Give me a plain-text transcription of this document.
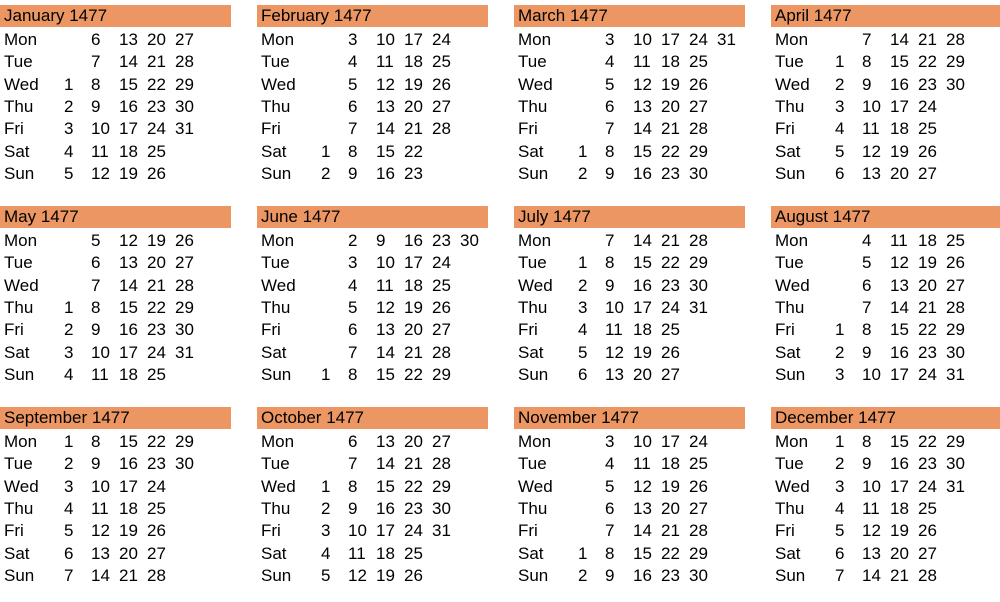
January 1477
Mon	6 13 20 27
Tue	7 14 21 28
Wed 1 8 15 22 29
Thu 2 9 16 23 30
Fri 3 10 17 24 31
Sat 4 11 18 25
Sun 5 12 19 26
February 1477
Mon	3 10 17 24
Tue	4 11 18 25
Wed	5 12 19 26
Thu	6 13 20 27
Fri	7 14 21 28
Sat 1 8 15 22
Sun 2 9 16 23
March 1477
Mon	3 10 17 24 31
Tue	4 11 18 25
Wed	5 12 19 26
Thu	6 13 20 27
Fri	7 14 21 28
Sat 1 8 15 22 29
Sun 2 9 16 23 30
April 1477
Mon	7 14 21 28
Tue 1 8 15 22 29
Wed 2 9 16 23 30
Thu 3 10 17 24
Fri 4 11 18 25
Sat 5 12 19 26
Sun 6 13 20 27
May 1477
Mon	5 12 19 26
Tue	6 13 20 27
Wed	7 14 21 28
Thu 1 8 15 22 29
Fri 2 9 16 23 30
Sat 3 10 17 24 31
Sun 4 11 18 25
June 1477
Mon	2 9 16 23 30
Tue	3 10 17 24
Wed	4 11 18 25
Thu	5 12 19 26
Fri	6 13 20 27
Sat	7 14 21 28
Sun 1 8 15 22 29
July 1477
Mon	7 14 21 28
Tue 1 8 15 22 29
Wed 2 9 16 23 30
Thu 3 10 17 24 31
Fri 4 11 18 25
Sat 5 12 19 26
Sun 6 13 20 27
August 1477
Mon	4 11 18 25
Tue	5 12 19 26
Wed	6 13 20 27
Thu	7 14 21 28
Fri 1 8 15 22 29
Sat 2 9 16 23 30
Sun 3 10 17 24 31
September 1477
Mon 1 8 15 22 29
Tue 2 9 16 23 30
Wed 3 10 17 24
Thu 4 11 18 25
Fri 5 12 19 26
Sat 6 13 20 27
Sun 7 14 21 28
October 1477
Mon	6 13 20 27
Tue	7 14 21 28
Wed 1 8 15 22 29
Thu 2 9 16 23 30
Fri 3 10 17 24 31
Sat 4 11 18 25
Sun 5 12 19 26
November 1477
Mon	3 10 17 24
Tue	4 11 18 25
Wed	5 12 19 26
Thu	6 13 20 27
Fri	7 14 21 28
Sat 1 8 15 22 29
Sun 2 9 16 23 30
December 1477
Mon 1 8 15 22 29
Tue 2 9 16 23 30
Wed 3 10 17 24 31
Thu 4 11 18 25
Fri 5 12 19 26
Sat 6 13 20 27
Sun 7 14 21 28
